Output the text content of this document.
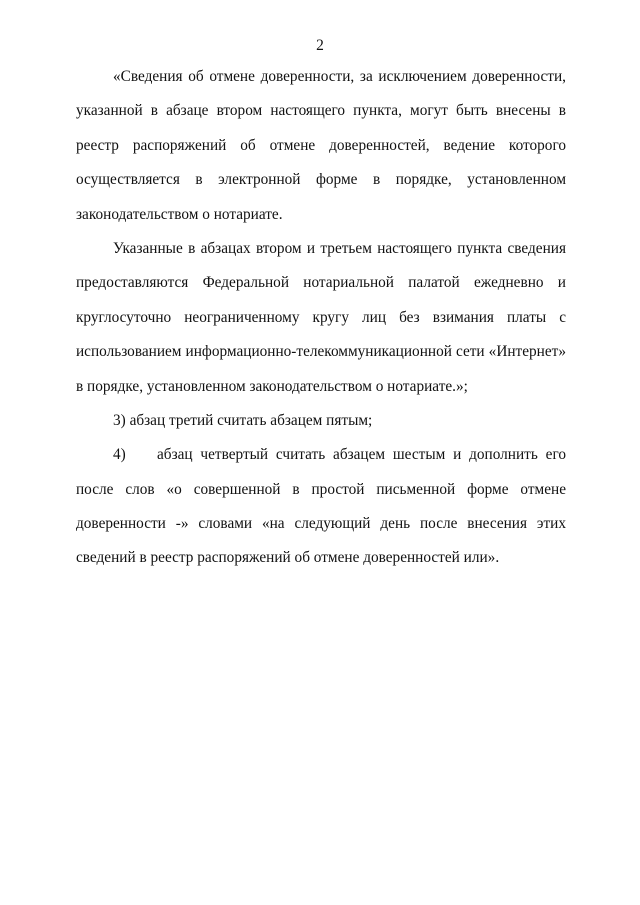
2
«Сведения об отмене доверенности, за исключением доверенности,
указанной в абзаце втором настоящего пункта, могут быть внесены в
реестр распоряжений об отмене доверенностей, ведение которого
осуществляется в электронной форме в порядке, установленном
законодательством о нотариате.
Указанные в абзацах втором и третьем настоящего пункта сведения
предоставляются Федеральной нотариальной палатой ежедневно и
круглосуточно неограниченному кругу лиц без взимания платы с
использованием информационно-телекоммуникационной сети «Интернет»
в порядке, установленном законодательством о нотариате.»;
3) абзац третий считать абзацем пятым;
4)    абзац четвертый считать абзацем шестым и дополнить его
после слов «о совершенной в простой письменной форме отмене
доверенности -» словами «на следующий день после внесения этих
сведений в реестр распоряжений об отмене доверенностей или».
